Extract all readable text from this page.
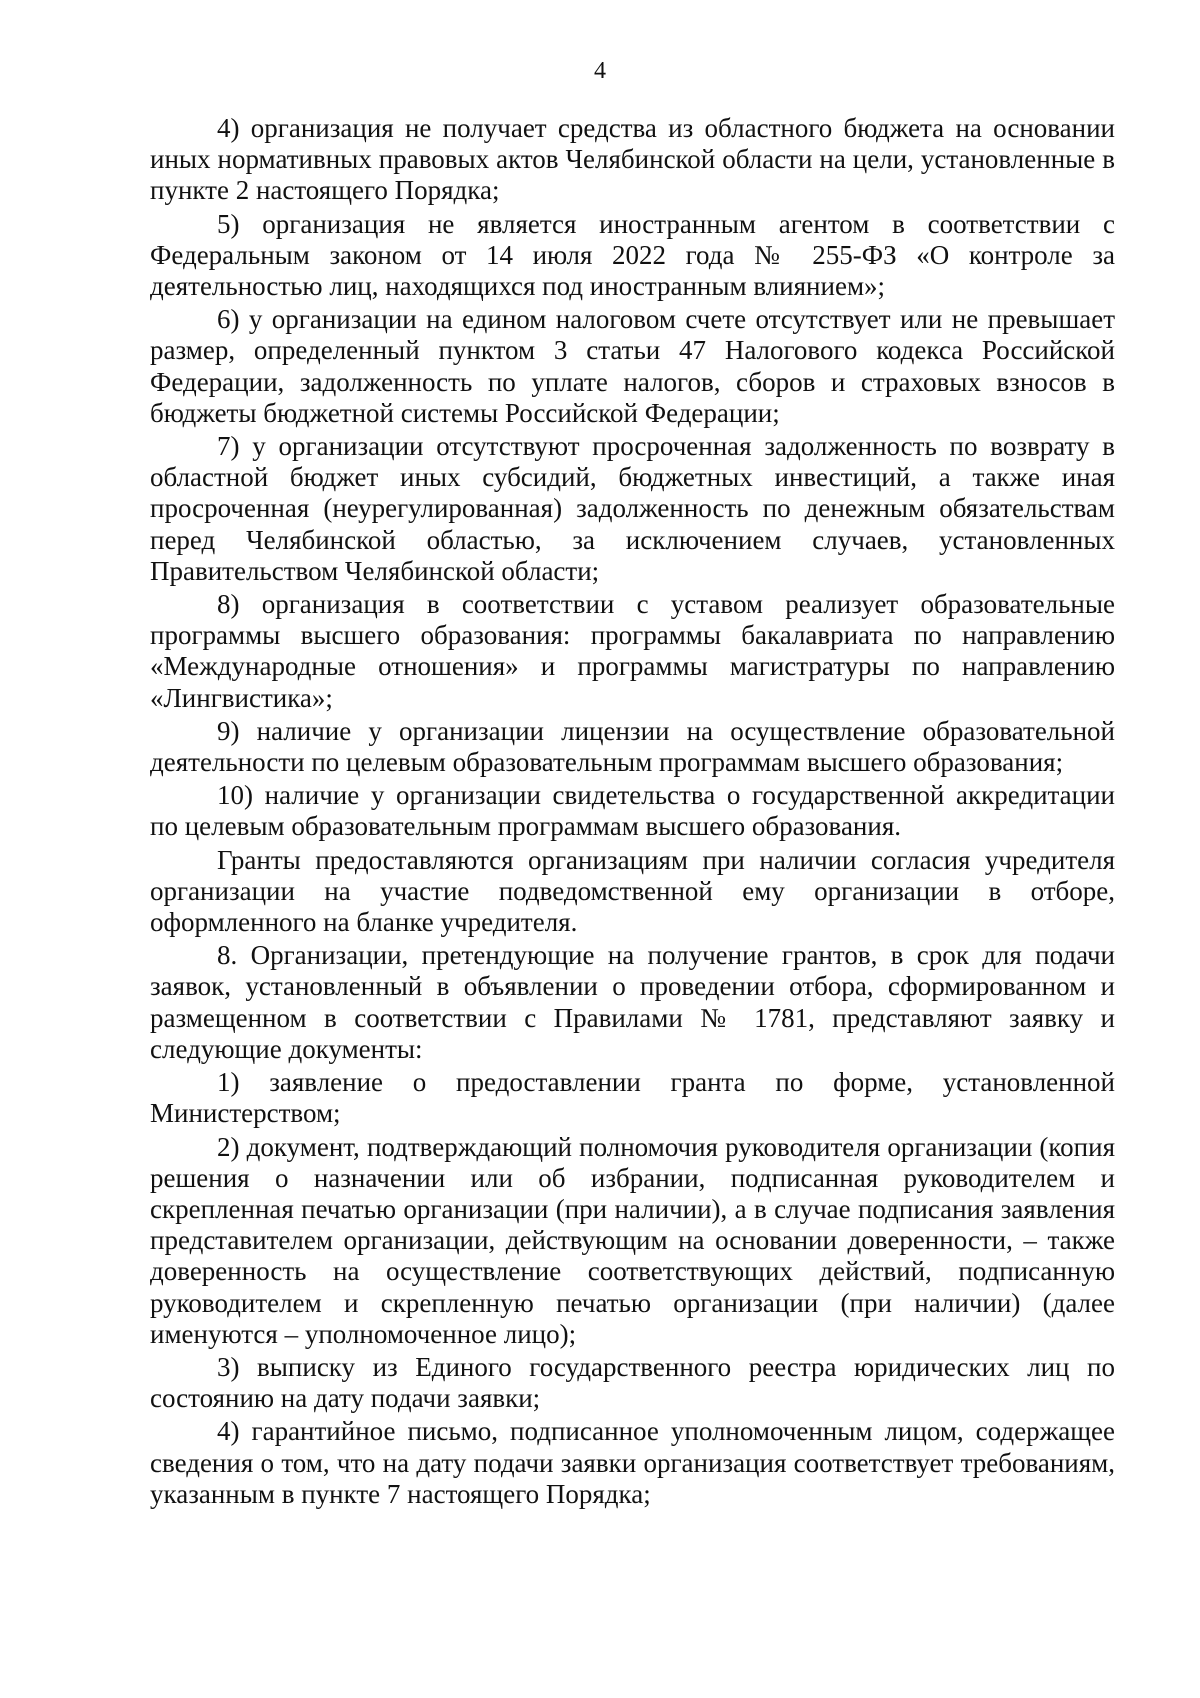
4

4) организация не получает средства из областного бюджета на основании иных нормативных правовых актов Челябинской области на цели, установленные в пункте 2 настоящего Порядка;

5) организация не является иностранным агентом в соответствии с Федеральным законом от 14 июля 2022 года № 255-ФЗ «О контроле за деятельностью лиц, находящихся под иностранным влиянием»;

6) у организации на едином налоговом счете отсутствует или не превышает размер, определенный пунктом 3 статьи 47 Налогового кодекса Российской Федерации, задолженность по уплате налогов, сборов и страховых взносов в бюджеты бюджетной системы Российской Федерации;

7) у организации отсутствуют просроченная задолженность по возврату в областной бюджет иных субсидий, бюджетных инвестиций, а также иная просроченная (неурегулированная) задолженность по денежным обязательствам перед Челябинской областью, за исключением случаев, установленных Правительством Челябинской области;

8) организация в соответствии с уставом реализует образовательные программы высшего образования: программы бакалавриата по направлению «Международные отношения» и программы магистратуры по направлению «Лингвистика»;

9) наличие у организации лицензии на осуществление образовательной деятельности по целевым образовательным программам высшего образования;

10) наличие у организации свидетельства о государственной аккредитации по целевым образовательным программам высшего образования.

Гранты предоставляются организациям при наличии согласия учредителя организации на участие подведомственной ему организации в отборе, оформленного на бланке учредителя.

8. Организации, претендующие на получение грантов, в срок для подачи заявок, установленный в объявлении о проведении отбора, сформированном и размещенном в соответствии с Правилами № 1781, представляют заявку и следующие документы:

1) заявление о предоставлении гранта по форме, установленной Министерством;

2) документ, подтверждающий полномочия руководителя организации (копия решения о назначении или об избрании, подписанная руководителем и скрепленная печатью организации (при наличии), а в случае подписания заявления представителем организации, действующим на основании доверенности, – также доверенность на осуществление соответствующих действий, подписанную руководителем и скрепленную печатью организации (при наличии) (далее именуются – уполномоченное лицо);

3) выписку из Единого государственного реестра юридических лиц по состоянию на дату подачи заявки;

4) гарантийное письмо, подписанное уполномоченным лицом, содержащее сведения о том, что на дату подачи заявки организация соответствует требованиям, указанным в пункте 7 настоящего Порядка;
